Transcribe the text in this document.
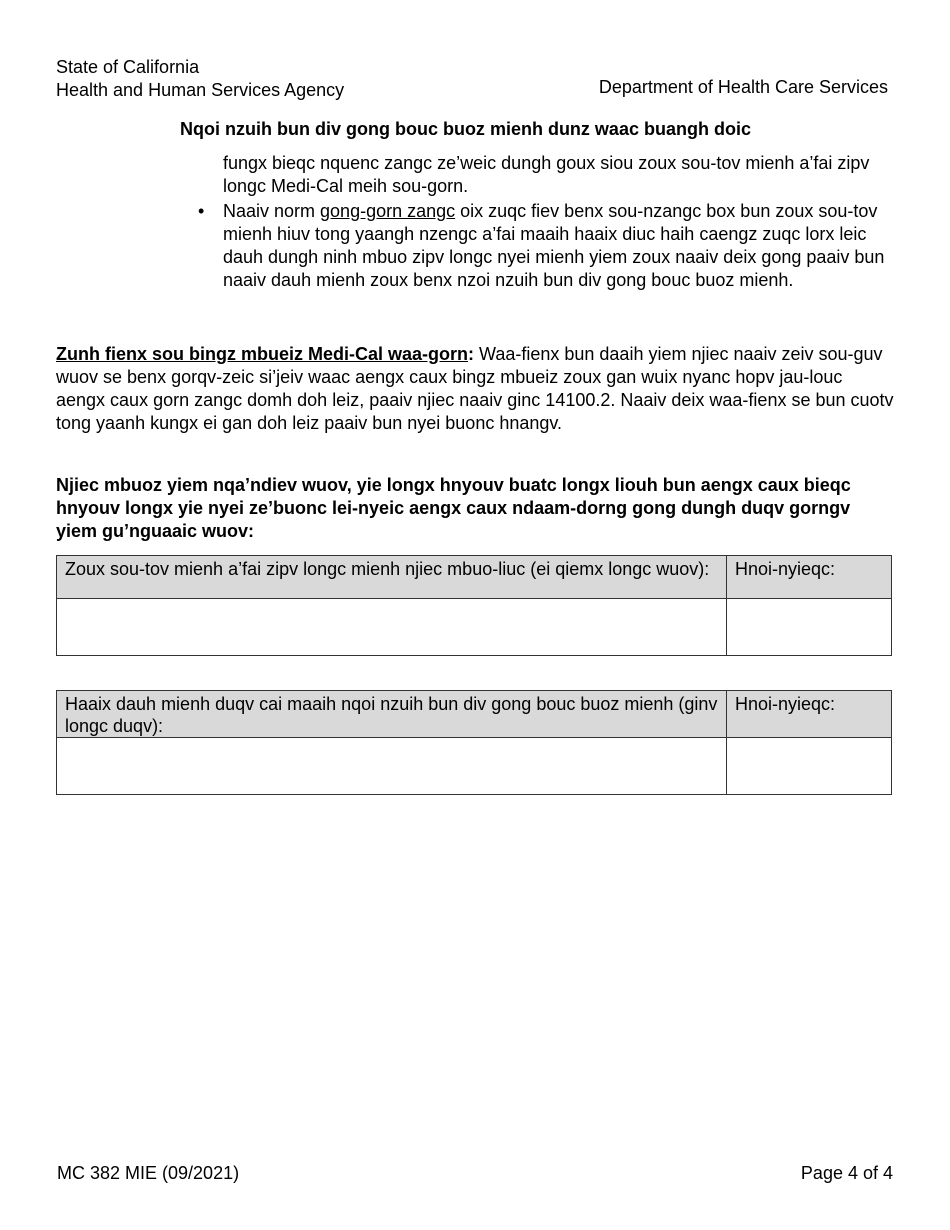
State of California
Health and Human Services Agency	Department of Health Care Services
Nqoi nzuih bun div gong bouc buoz mienh dunz waac buangh doic
fungx bieqc nquenc zangc ze’weic dungh goux siou zoux sou-tov mienh a’fai zipv longc Medi-Cal meih sou-gorn.
• Naaiv norm gong-gorn zangc oix zuqc fiev benx sou-nzangc box bun zoux sou-tov mienh hiuv tong yaangh nzengc a’fai maaih haaix diuc haih caengz zuqc lorx leic dauh dungh ninh mbuo zipv longc nyei mienh yiem zoux naaiv deix gong paaiv bun naaiv dauh mienh zoux benx nzoi nzuih bun div gong bouc buoz mienh.
Zunh fienx sou bingz mbueiz Medi-Cal waa-gorn: Waa-fienx bun daaih yiem njiec naaiv zeiv sou-guv wuov se benx gorqv-zeic si’jeiv waac aengx caux bingz mbueiz zoux gan wuix nyanc hopv jau-louc aengx caux gorn zangc domh doh leiz, paaiv njiec naaiv ginc 14100.2. Naaiv deix waa-fienx se bun cuotv tong yaanh kungx ei gan doh leiz paaiv bun nyei buonc hnangv.
Njiec mbuoz yiem nqa’ndiev wuov, yie longx hnyouv buatc longx liouh bun aengx caux bieqc hnyouv longx yie nyei ze’buonc lei-nyeic aengx caux ndaam-dorng gong dungh duqv gorngv yiem gu’nguaaic wuov:
Zoux sou-tov mienh a’fai zipv longc mienh njiec mbuo-liuc (ei qiemx longc wuov):	Hnoi-nyieqc:

Haaix dauh mienh duqv cai maaih nqoi nzuih bun div gong bouc buoz mienh (ginv longc duqv):	Hnoi-nyieqc:

MC 382 MIE (09/2021)	Page 4 of 4
